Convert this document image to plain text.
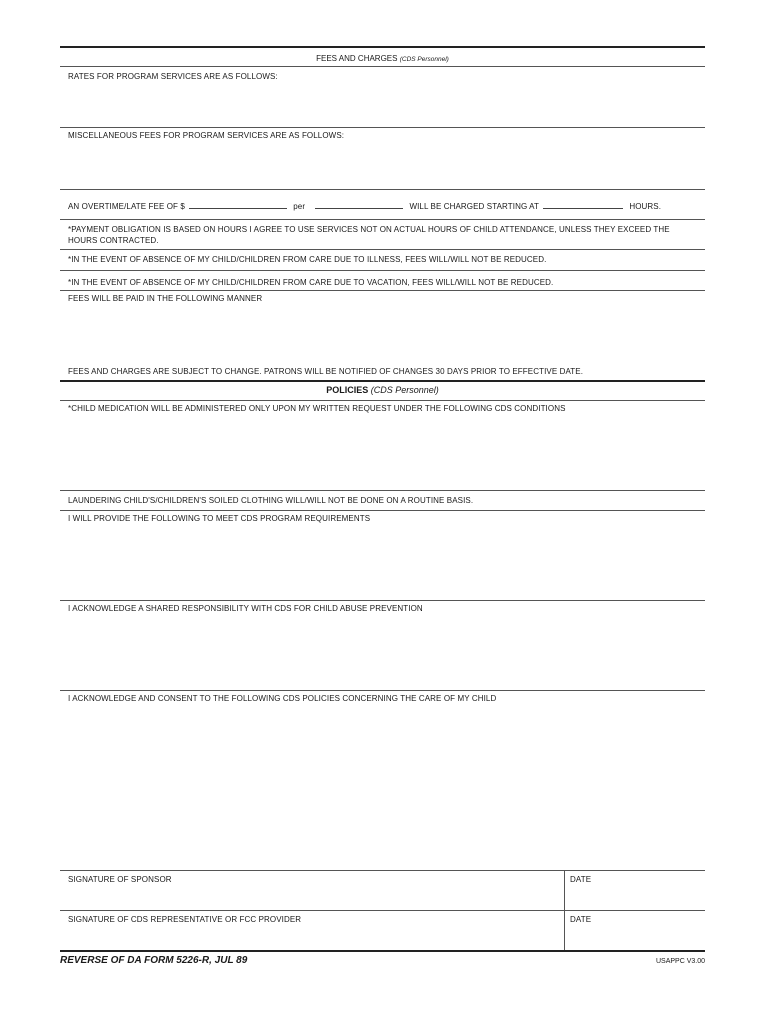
FEES AND CHARGES (CDS Personnel)
RATES FOR PROGRAM SERVICES ARE AS FOLLOWS:
MISCELLANEOUS FEES FOR PROGRAM SERVICES ARE AS FOLLOWS:
AN OVERTIME/LATE FEE OF $	per	WILL BE CHARGED STARTING AT	HOURS.
*PAYMENT OBLIGATION IS BASED ON HOURS I AGREE TO USE SERVICES NOT ON ACTUAL HOURS OF CHILD ATTENDANCE, UNLESS THEY EXCEED THE HOURS CONTRACTED.
*IN THE EVENT OF ABSENCE OF MY CHILD/CHILDREN FROM CARE DUE TO ILLNESS, FEES WILL/WILL NOT BE REDUCED.
*IN THE EVENT OF ABSENCE OF MY CHILD/CHILDREN FROM CARE DUE TO VACATION, FEES WILL/WILL NOT BE REDUCED.
FEES WILL BE PAID IN THE FOLLOWING MANNER
FEES AND CHARGES ARE SUBJECT TO CHANGE. PATRONS WILL BE NOTIFIED OF CHANGES 30 DAYS PRIOR TO EFFECTIVE DATE.
POLICIES (CDS Personnel)
*CHILD MEDICATION WILL BE ADMINISTERED ONLY UPON MY WRITTEN REQUEST UNDER THE FOLLOWING CDS CONDITIONS
LAUNDERING CHILD'S/CHILDREN'S SOILED CLOTHING WILL/WILL NOT BE DONE ON A ROUTINE BASIS.
I WILL PROVIDE THE FOLLOWING TO MEET CDS PROGRAM REQUIREMENTS
I ACKNOWLEDGE A SHARED RESPONSIBILITY WITH CDS FOR CHILD ABUSE PREVENTION
I ACKNOWLEDGE AND CONSENT TO THE FOLLOWING CDS POLICIES CONCERNING THE CARE OF MY CHILD
SIGNATURE OF SPONSOR	DATE
SIGNATURE OF CDS REPRESENTATIVE OR FCC PROVIDER	DATE
REVERSE OF DA FORM 5226-R, JUL 89	USAPPC V3.00
